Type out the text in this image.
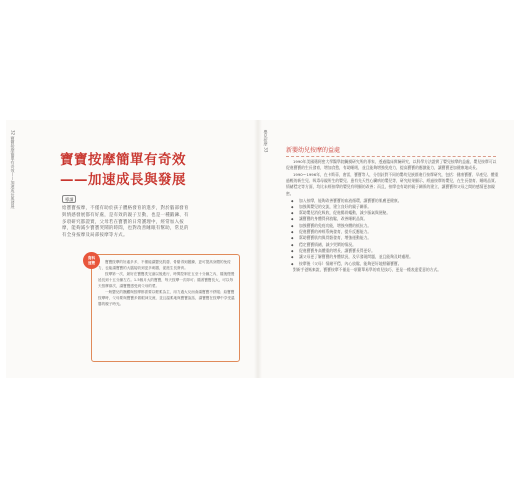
32 寶寶按摩簡單有奇效——加速成長與發展	嬰兒按摩 33
寶寶按摩簡單有奇效
——加速成長與發展
導讀
給寶寶按摩，不僅有助於孩子體格發育的進步，對於腦部發育與情感發展都有好處，是有效的親子互動，也是一種鍛鍊、有多項研究都證實，父母若在寶寶的日常護理中，經常加入按摩，能夠減少寶寶哭鬧的時間，也對改善睡眠有幫助，常見的有全身按摩及局部按摩等方式。

寶寶按摩的好處多多，不僅能讓嬰兒肌膚、骨骼得到鍛鍊，更可提高身體的免疫力，也能讓寶寶的大腦接收到更多刺激，促進生長發育。

按摩第一次，最好在寶寶洗完澡以後進行，時間控制在五至十分鐘之內，隨後慢慢延長到十五分鐘左右。1.5個月大的寶寶，每天按摩一次即可；隨著寶寶長大，可以每天按摩兩次，讓寶寶感受到父母的愛。

一般嬰兒的撫觸與按摩都需要以輕柔為主，用力過大反而會讓寶寶不舒服；給寶寶按摩時，父母要與寶寶多做眼神交流，並且溫柔地與寶寶說話，讓寶寶在按摩中享受溫馨的親子時光。

資料
速覽
新嬰幼兒按摩的益處

1990年美國邁阿密大學醫學院觸摸研究所的專家，透過臨床實驗研究，以科學方法證實了嬰兒按摩的益處，嬰兒按摩可以促進寶寶的生長發育，增加食慾，有助睡眠，並且能夠增強免疫力，提高寶寶的應激能力，讓寶寶更加健康地成長。

1990～1996年，在卡斯蒂，唐雷，寶寶等人，分別針對不同的嬰幼兒族群進行按摩研究，包括：健康寶寶、早產兒、體重過輕的新生兒、吸毒母親所生的嬰兒、患有先天性心臟病的嬰兒等，研究結果顯示，經過按摩的嬰兒，在生長發育、睡眠品質、情緒穩定等方面，均比未經按摩的嬰兒有明顯的改善；而且，按摩也有助於親子關係的建立，讓寶寶和父母之間的感情更加親密。

◆ 加入按摩，能夠改善寶寶的血液循環，讓寶寶的肌膚更健康。
◆ 加強與嬰兒的交流，建立良好的親子關係。
◆ 幫助嬰兒消化吸收，促進腸胃蠕動，減少脹氣與便秘。
◆ 讓寶寶的身體得到放鬆，改善睡眠品質。
◆ 加強寶寶的免疫功能，增強身體的抵抗力。
◆ 促進寶寶的神經系統發育，提升反應能力。
◆ 幫助寶寶肌肉與骨骼發育，增強運動能力。
◆ 穩定寶寶情緒，減少哭鬧的情況。
◆ 促進寶寶身高體重的增長，讓寶寶長得更好。
◆ 讓父母更了解寶寶的身體狀況，及早發現問題，並且能夠及時處理。
◆ 按摩後（父母）情緒平穩，內心放鬆，能夠更好地照顧寶寶。

對新手爸媽來說，寶寶按摩不僅是一項簡單易學的育兒技巧，更是一種表達愛意的方式。
